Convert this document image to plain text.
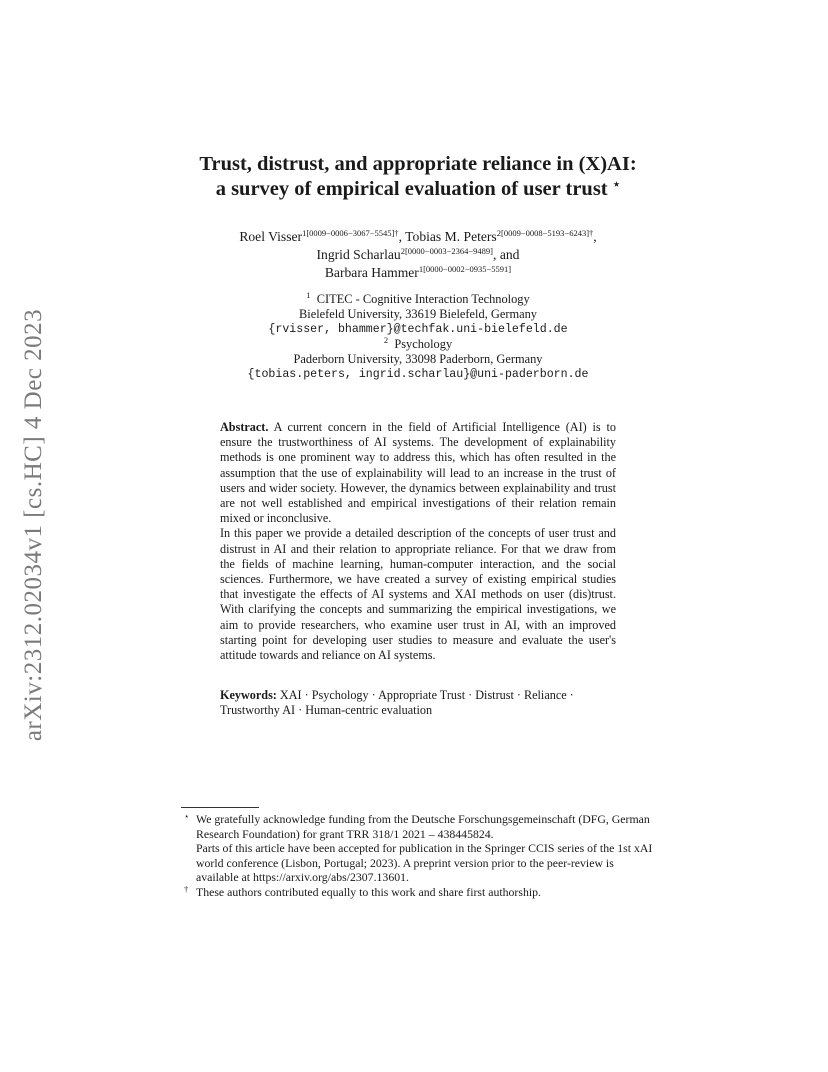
arXiv:2312.02034v1 [cs.HC] 4 Dec 2023
Trust, distrust, and appropriate reliance in (X)AI:
a survey of empirical evaluation of user trust ⋆
Roel Visser$^{1[0009-0006-3067-5545]\dagger}$, Tobias M. Peters$^{2[0009-0008-5193-6243]\dagger}$,
Ingrid Scharlau$^{2[0000-0003-2364-9489]}$, and
Barbara Hammer$^{1[0000-0002-0935-5591]}$
$^1$ CITEC - Cognitive Interaction Technology
Bielefeld University, 33619 Bielefeld, Germany
{rvisser, bhammer}@techfak.uni-bielefeld.de
$^2$ Psychology
Paderborn University, 33098 Paderborn, Germany
{tobias.peters, ingrid.scharlau}@uni-paderborn.de

Abstract. A current concern in the field of Artificial Intelligence (AI) is to ensure the trustworthiness of AI systems. The development of explainability methods is one prominent way to address this, which has often resulted in the assumption that the use of explainability will lead to an increase in the trust of users and wider society. However, the dynamics between explainability and trust are not well established and empirical investigations of their relation remain mixed or inconclusive.

In this paper we provide a detailed description of the concepts of user trust and distrust in AI and their relation to appropriate reliance. For that we draw from the fields of machine learning, human-computer interaction, and the social sciences. Furthermore, we have created a survey of existing empirical studies that investigate the effects of AI systems and XAI methods on user (dis)trust. With clarifying the concepts and summarizing the empirical investigations, we aim to provide researchers, who examine user trust in AI, with an improved starting point for developing user studies to measure and evaluate the user's attitude towards and reliance on AI systems.

Keywords: XAI · Psychology · Appropriate Trust · Distrust · Reliance · Trustworthy AI · Human-centric evaluation
⋆ We gratefully acknowledge funding from the Deutsche Forschungsgemeinschaft (DFG, German Research Foundation) for grant TRR 318/1 2021 – 438445824.
Parts of this article have been accepted for publication in the Springer CCIS series of the 1st xAI world conference (Lisbon, Portugal; 2023). A preprint version prior to the peer-review is available at https://arxiv.org/abs/2307.13601.
† These authors contributed equally to this work and share first authorship.
